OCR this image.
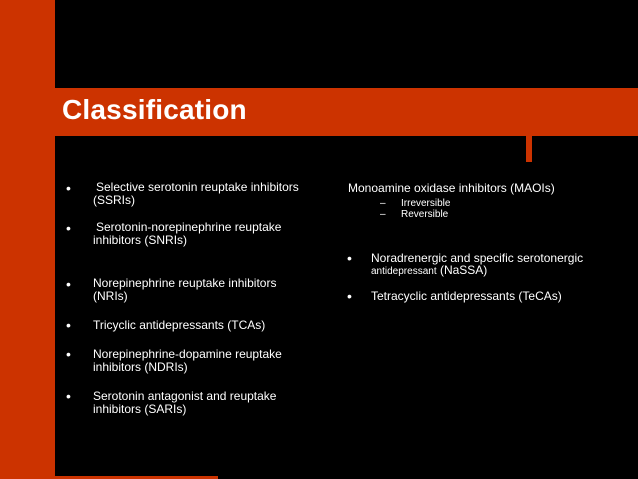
Classification
• Selective serotonin reuptake inhibitors
(SSRIs)
• Serotonin-norepinephrine reuptake
inhibitors (SNRIs)
• Norepinephrine reuptake inhibitors
(NRIs)
• Tricyclic antidepressants (TCAs)
• Norepinephrine-dopamine reuptake
inhibitors (NDRIs)
• Serotonin antagonist and reuptake
inhibitors (SARIs)
Monoamine oxidase inhibitors (MAOIs)
– Irreversible
– Reversible
• Noradrenergic and specific serotonergic
antidepressant (NaSSA)
• Tetracyclic antidepressants (TeCAs)
